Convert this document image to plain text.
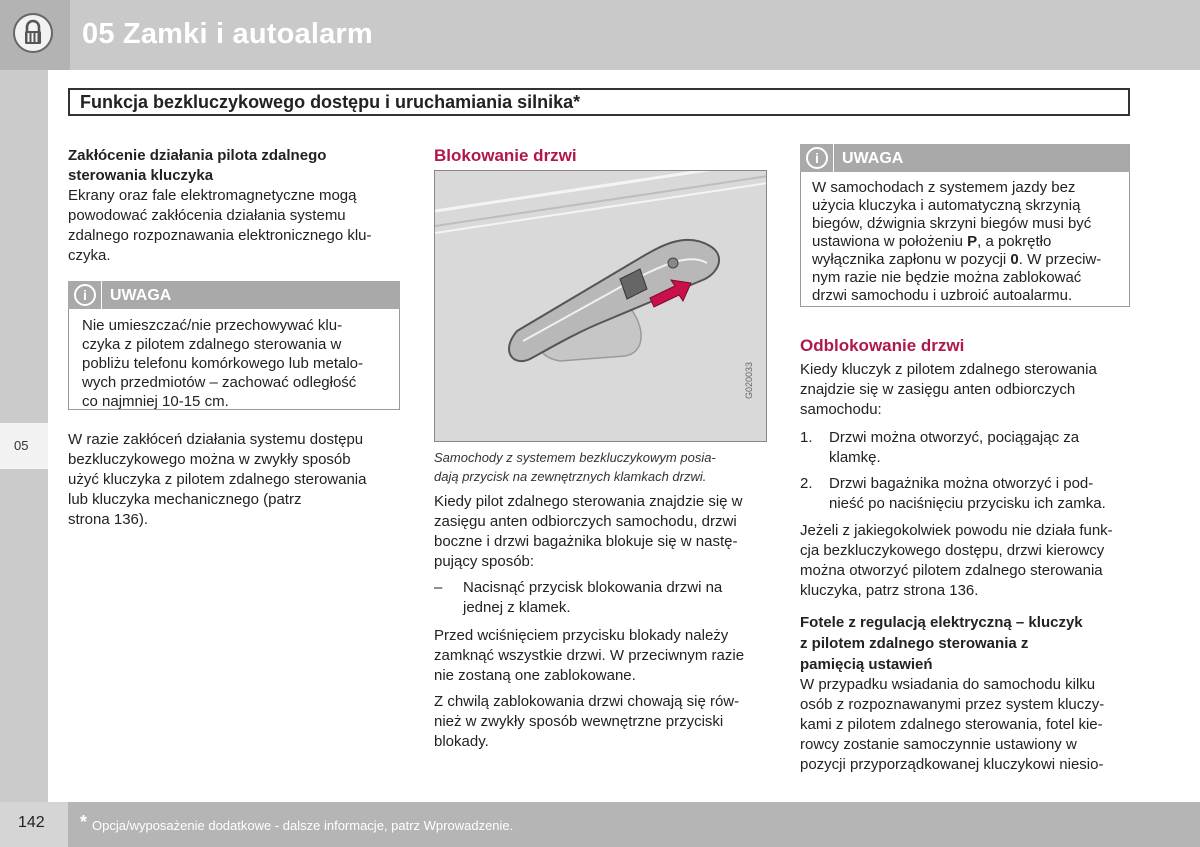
05 Zamki i autoalarm
Funkcja bezkluczykowego dostępu i uruchamiania silnika*
05
Zakłócenie działania pilota zdalnego
sterowania kluczyka
Ekrany oraz fale elektromagnetyczne mogą
powodować zakłócenia działania systemu
zdalnego rozpoznawania elektronicznego klu-
czyka.
i	UWAGA
Nie umieszczać/nie przechowywać klu-
czyka z pilotem zdalnego sterowania w
pobliżu telefonu komórkowego lub metalo-
wych przedmiotów – zachować odległość
co najmniej 10-15 cm.
W razie zakłóceń działania systemu dostępu
bezkluczykowego można w zwykły sposób
użyć kluczyka z pilotem zdalnego sterowania
lub kluczyka mechanicznego (patrz
strona 136).
Blokowanie drzwi
G020033
Samochody z systemem bezkluczykowym posia-
dają przycisk na zewnętrznych klamkach drzwi.
Kiedy pilot zdalnego sterowania znajdzie się w
zasięgu anten odbiorczych samochodu, drzwi
boczne i drzwi bagażnika blokuje się w nastę-
pujący sposób:
– Nacisnąć przycisk blokowania drzwi na
jednej z klamek.
Przed wciśnięciem przycisku blokady należy
zamknąć wszystkie drzwi. W przeciwnym razie
nie zostaną one zablokowane.
Z chwilą zablokowania drzwi chowają się rów-
nież w zwykły sposób wewnętrzne przyciski
blokady.
i	UWAGA
W samochodach z systemem jazdy bez
użycia kluczyka i automatyczną skrzynią
biegów, dźwignia skrzyni biegów musi być
ustawiona w położeniu P, a pokrętło
wyłącznika zapłonu w pozycji 0. W przeciw-
nym razie nie będzie można zablokować
drzwi samochodu i uzbroić autoalarmu.
Odblokowanie drzwi
Kiedy kluczyk z pilotem zdalnego sterowania
znajdzie się w zasięgu anten odbiorczych
samochodu:
1. Drzwi można otworzyć, pociągając za
klamkę.
2. Drzwi bagażnika można otworzyć i pod-
nieść po naciśnięciu przycisku ich zamka.
Jeżeli z jakiegokolwiek powodu nie działa funk-
cja bezkluczykowego dostępu, drzwi kierowcy
można otworzyć pilotem zdalnego sterowania
kluczyka, patrz strona 136.
Fotele z regulacją elektryczną – kluczyk
z pilotem zdalnego sterowania z
pamięcią ustawień
W przypadku wsiadania do samochodu kilku
osób z rozpoznawanymi przez system kluczy-
kami z pilotem zdalnego sterowania, fotel kie-
rowcy zostanie samoczynnie ustawiony w
pozycji przyporządkowanej kluczykowi niesio-
142 * Opcja/wyposażenie dodatkowe - dalsze informacje, patrz Wprowadzenie.
